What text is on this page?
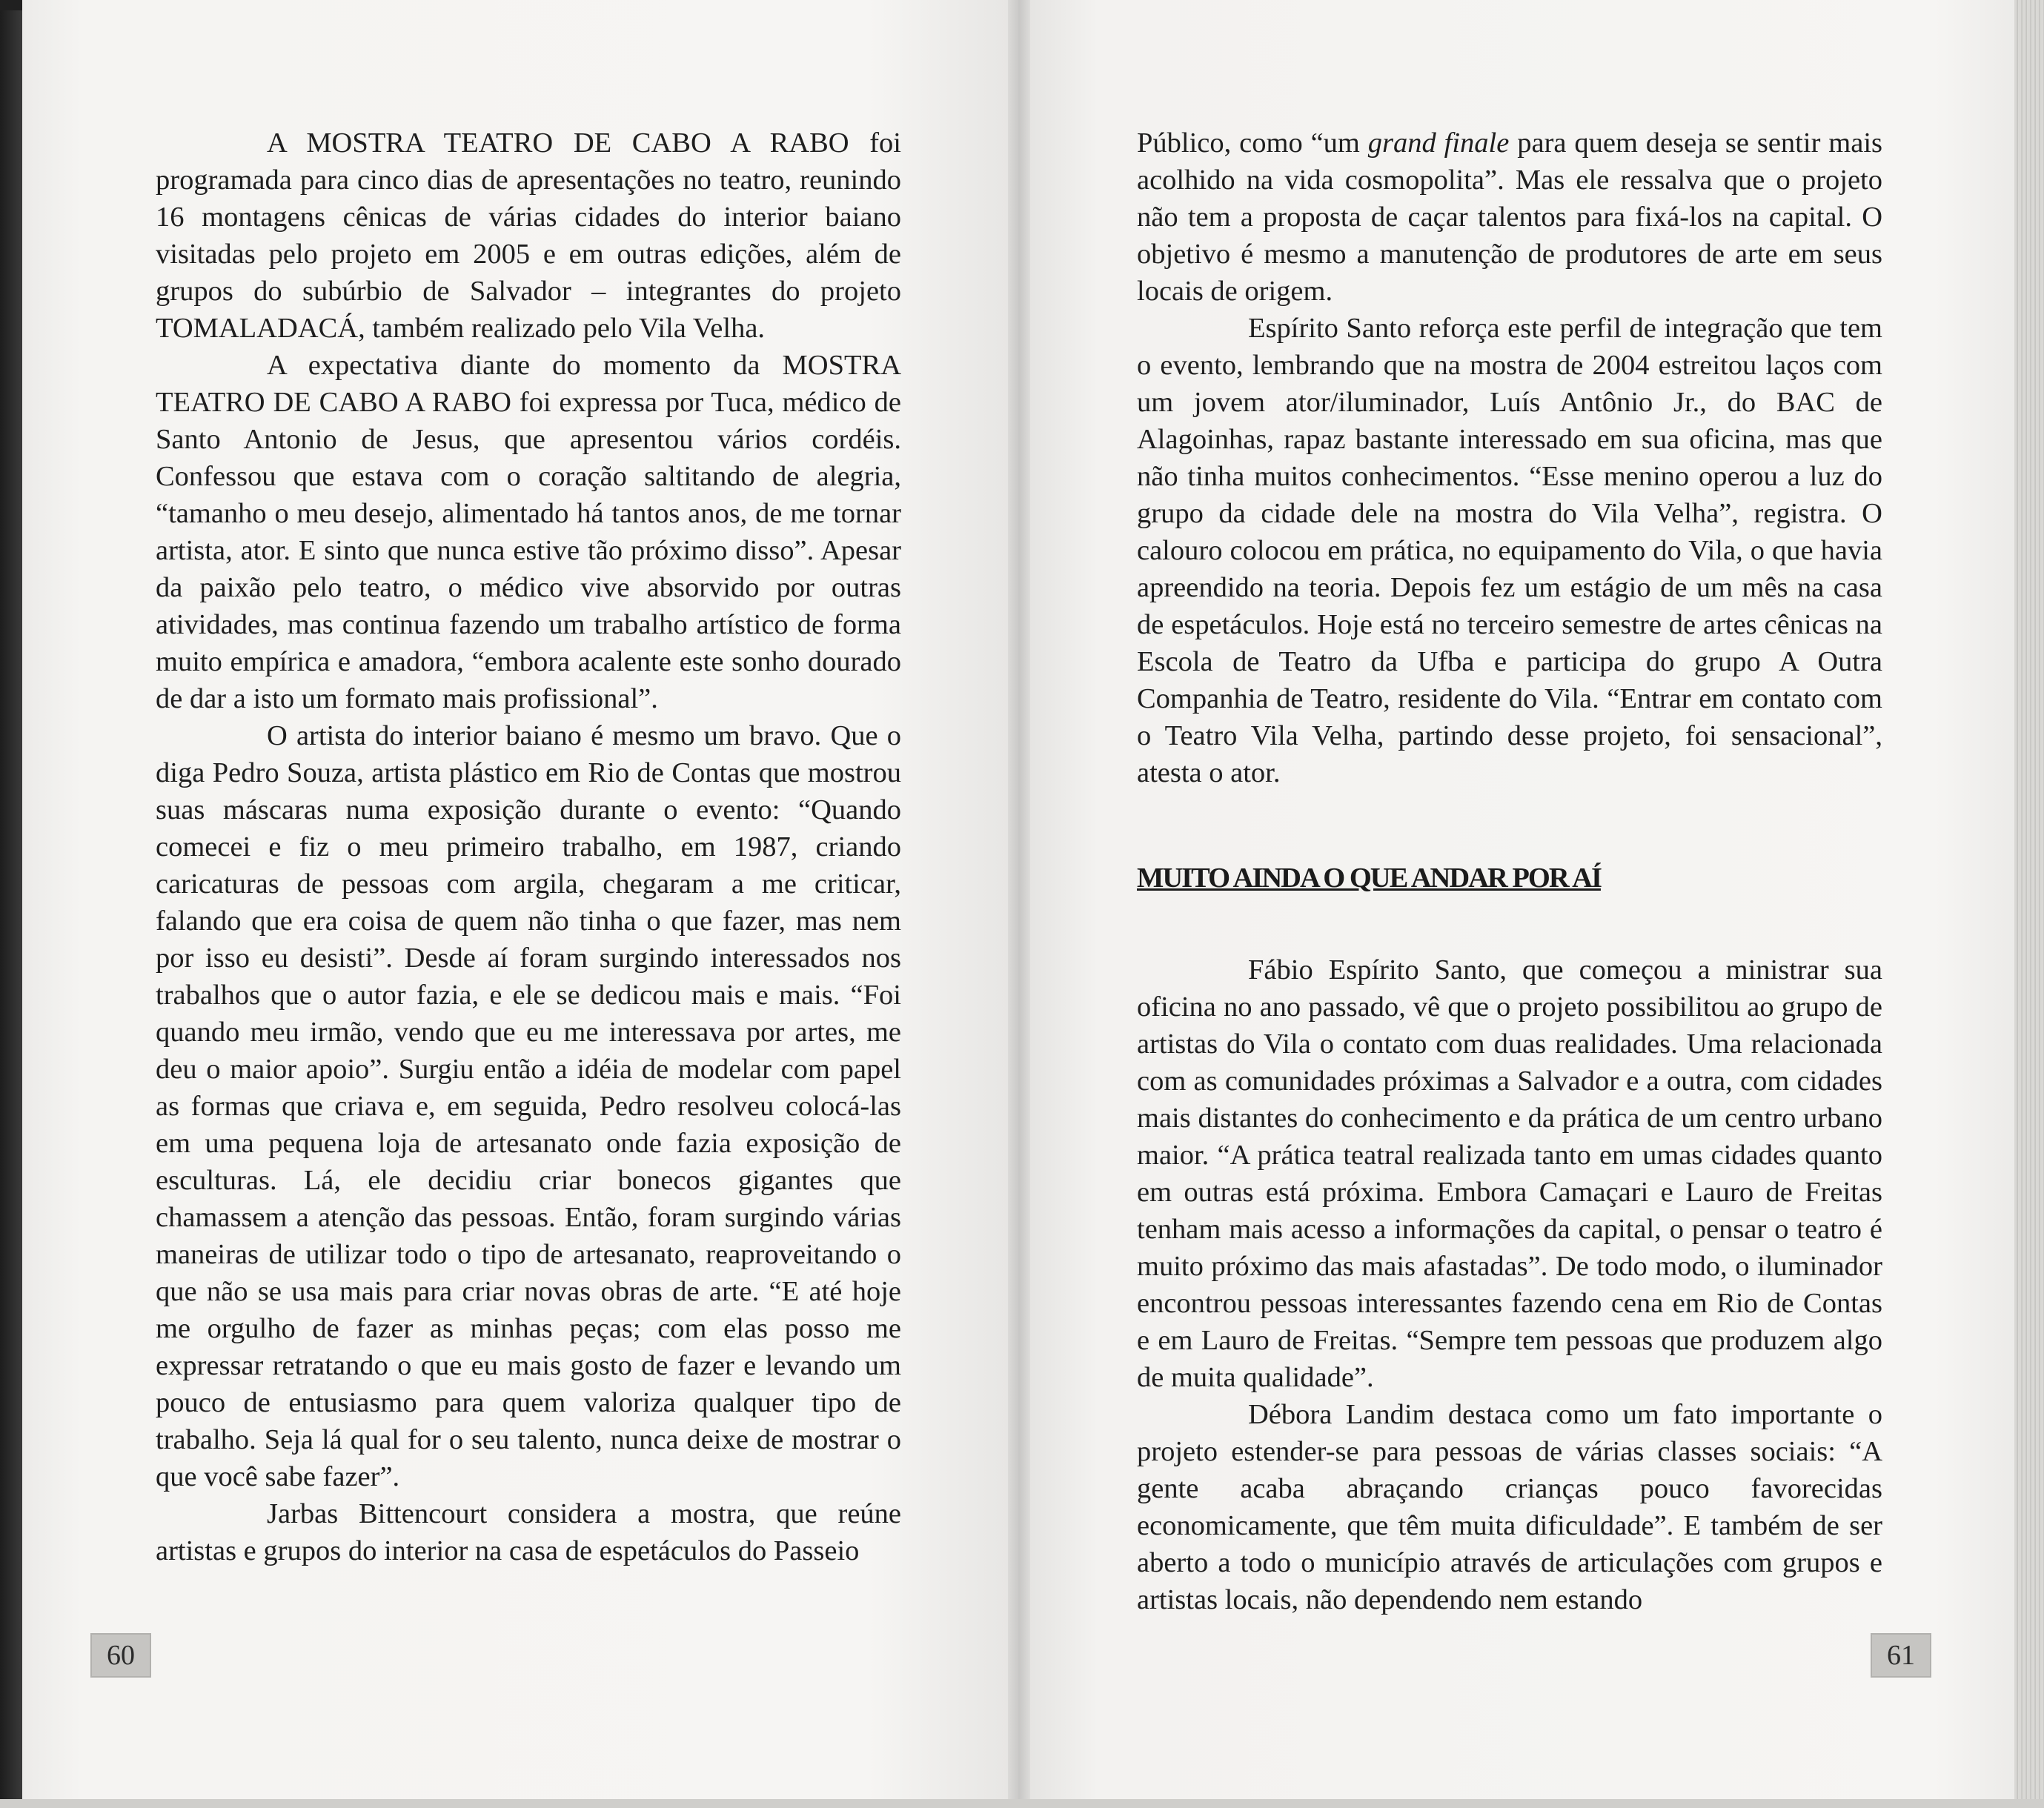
A MOSTRA TEATRO DE CABO A RABO foi programada para cinco dias de apresentações no teatro, reunindo 16 montagens cênicas de várias cidades do interior baiano visitadas pelo projeto em 2005 e em outras edições, além de grupos do subúrbio de Salvador – integrantes do projeto TOMALADACÁ, também realizado pelo Vila Velha.

A expectativa diante do momento da MOSTRA TEATRO DE CABO A RABO foi expressa por Tuca, médico de Santo Antonio de Jesus, que apresentou vários cordéis. Confessou que estava com o coração saltitando de alegria, “tamanho o meu desejo, alimentado há tantos anos, de me tornar artista, ator. E sinto que nunca estive tão próximo disso”. Apesar da paixão pelo teatro, o médico vive absorvido por outras atividades, mas continua fazendo um trabalho artístico de forma muito empírica e amadora, “embora acalente este sonho dourado de dar a isto um formato mais profissional”.

O artista do interior baiano é mesmo um bravo. Que o diga Pedro Souza, artista plástico em Rio de Contas que mostrou suas máscaras numa exposição durante o evento: “Quando comecei e fiz o meu primeiro trabalho, em 1987, criando caricaturas de pessoas com argila, chegaram a me criticar, falando que era coisa de quem não tinha o que fazer, mas nem por isso eu desisti”. Desde aí foram surgindo interessados nos trabalhos que o autor fazia, e ele se dedicou mais e mais. “Foi quando meu irmão, vendo que eu me interessava por artes, me deu o maior apoio”. Surgiu então a idéia de modelar com papel as formas que criava e, em seguida, Pedro resolveu colocá-las em uma pequena loja de artesanato onde fazia exposição de esculturas. Lá, ele decidiu criar bonecos gigantes que chamassem a atenção das pessoas. Então, foram surgindo várias maneiras de utilizar todo o tipo de artesanato, reaproveitando o que não se usa mais para criar novas obras de arte. “E até hoje me orgulho de fazer as minhas peças; com elas posso me expressar retratando o que eu mais gosto de fazer e levando um pouco de entusiasmo para quem valoriza qualquer tipo de trabalho. Seja lá qual for o seu talento, nunca deixe de mostrar o que você sabe fazer”.

Jarbas Bittencourt considera a mostra, que reúne artistas e grupos do interior na casa de espetáculos do Passeio

60

Público, como “um grand finale para quem deseja se sentir mais acolhido na vida cosmopolita”. Mas ele ressalva que o projeto não tem a proposta de caçar talentos para fixá-los na capital. O objetivo é mesmo a manutenção de produtores de arte em seus locais de origem.

Espírito Santo reforça este perfil de integração que tem o evento, lembrando que na mostra de 2004 estreitou laços com um jovem ator/iluminador, Luís Antônio Jr., do BAC de Alagoinhas, rapaz bastante interessado em sua oficina, mas que não tinha muitos conhecimentos. “Esse menino operou a luz do grupo da cidade dele na mostra do Vila Velha”, registra. O calouro colocou em prática, no equipamento do Vila, o que havia apreendido na teoria. Depois fez um estágio de um mês na casa de espetáculos. Hoje está no terceiro semestre de artes cênicas na Escola de Teatro da Ufba e participa do grupo A Outra Companhia de Teatro, residente do Vila. “Entrar em contato com o Teatro Vila Velha, partindo desse projeto, foi sensacional”, atesta o ator.

MUITO AINDA O QUE ANDAR POR AÍ

Fábio Espírito Santo, que começou a ministrar sua oficina no ano passado, vê que o projeto possibilitou ao grupo de artistas do Vila o contato com duas realidades. Uma relacionada com as comunidades próximas a Salvador e a outra, com cidades mais distantes do conhecimento e da prática de um centro urbano maior. “A prática teatral realizada tanto em umas cidades quanto em outras está próxima. Embora Camaçari e Lauro de Freitas tenham mais acesso a informações da capital, o pensar o teatro é muito próximo das mais afastadas”. De todo modo, o iluminador encontrou pessoas interessantes fazendo cena em Rio de Contas e em Lauro de Freitas. “Sempre tem pessoas que produzem algo de muita qualidade”.

Débora Landim destaca como um fato importante o projeto estender-se para pessoas de várias classes sociais: “A gente acaba abraçando crianças pouco favorecidas economicamente, que têm muita dificuldade”. E também de ser aberto a todo o município através de articulações com grupos e artistas locais, não dependendo nem estando

61
